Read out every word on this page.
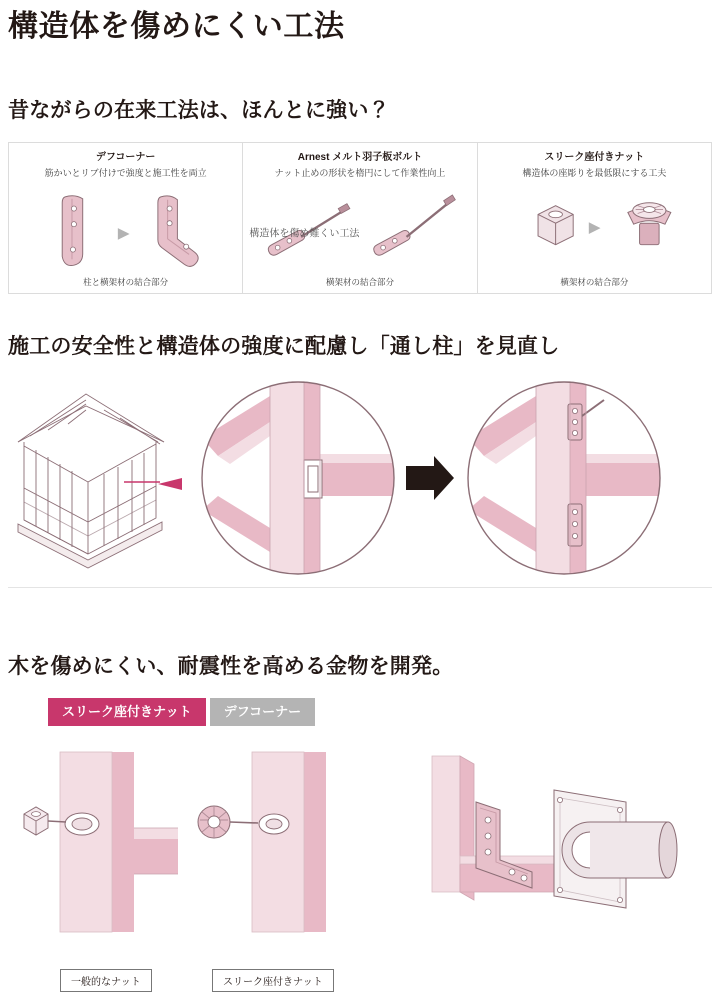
構造体を傷めにくい工法
昔ながらの在来工法は、ほんとに強い？
デフコーナー
筋かいとリブ付けで強度と施工性を両立
柱と横架材の結合部分
Arnest メルト羽子板ボルト
ナット止めの形状を楕円にして作業性向上
構造体を傷め難くい工法
横架材の結合部分
スリーク座付きナット
構造体の座彫りを最低限にする工夫
横架材の結合部分
施工の安全性と構造体の強度に配慮し「通し柱」を見直し
木を傷めにくい、耐震性を高める金物を開発。
スリーク座付きナット	デフコーナー
一般的なナット	スリーク座付きナット
